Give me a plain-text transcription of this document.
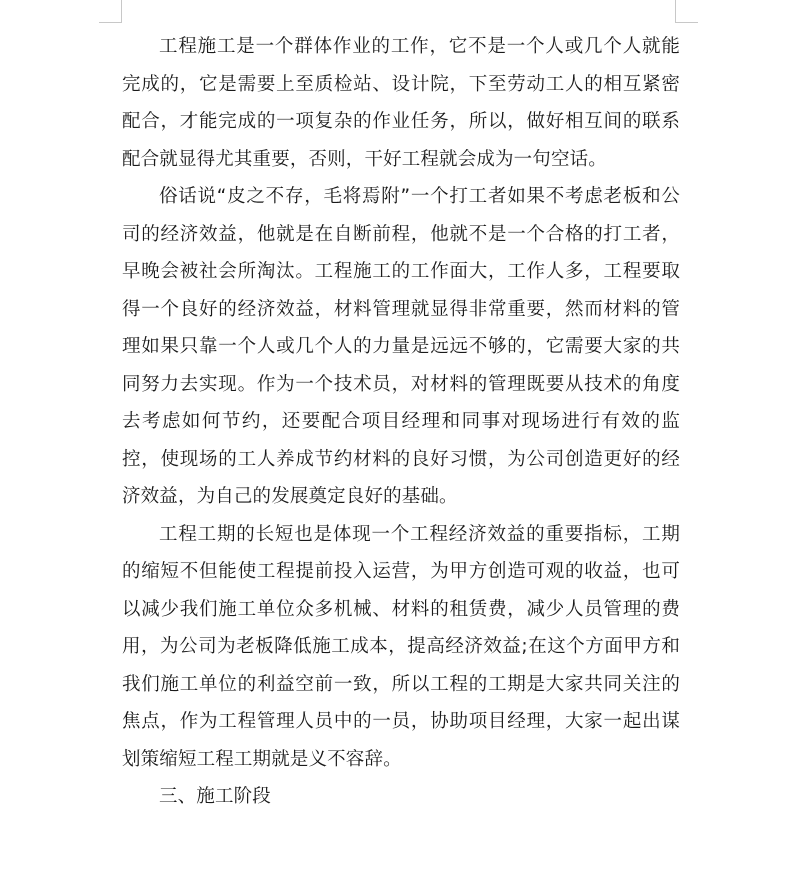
工程施工是一个群体作业的工作，它不是一个人或几个人就能完成的，它是需要上至质检站、设计院，下至劳动工人的相互紧密配合，才能完成的一项复杂的作业任务，所以，做好相互间的联系配合就显得尤其重要，否则，干好工程就会成为一句空话。

俗话说“皮之不存，毛将焉附”一个打工者如果不考虑老板和公司的经济效益，他就是在自断前程，他就不是一个合格的打工者，早晚会被社会所淘汰。工程施工的工作面大，工作人多，工程要取得一个良好的经济效益，材料管理就显得非常重要，然而材料的管理如果只靠一个人或几个人的力量是远远不够的，它需要大家的共同努力去实现。作为一个技术员，对材料的管理既要从技术的角度去考虑如何节约，还要配合项目经理和同事对现场进行有效的监控，使现场的工人养成节约材料的良好习惯，为公司创造更好的经济效益，为自己的发展奠定良好的基础。

工程工期的长短也是体现一个工程经济效益的重要指标，工期的缩短不但能使工程提前投入运营，为甲方创造可观的收益，也可以减少我们施工单位众多机械、材料的租赁费，减少人员管理的费用，为公司为老板降低施工成本，提高经济效益;在这个方面甲方和我们施工单位的利益空前一致，所以工程的工期是大家共同关注的焦点，作为工程管理人员中的一员，协助项目经理，大家一起出谋划策缩短工程工期就是义不容辞。

三、施工阶段
